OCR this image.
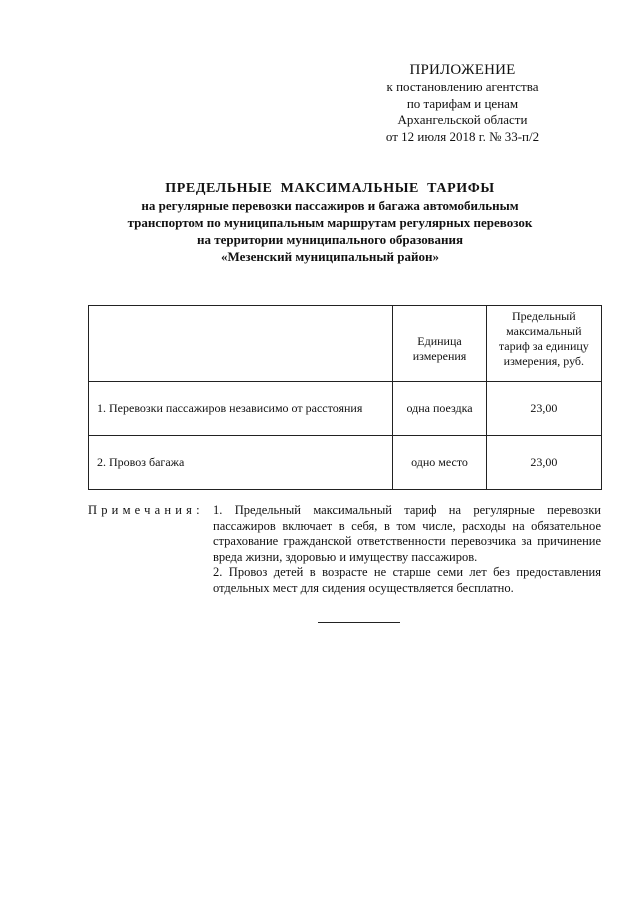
ПРИЛОЖЕНИЕ
к постановлению агентства
по тарифам и ценам
Архангельской области
от 12 июля 2018 г. № 33-п/2
ПРЕДЕЛЬНЫЕ  МАКСИМАЛЬНЫЕ  ТАРИФЫ
на регулярные перевозки пассажиров и багажа автомобильным
транспортом по муниципальным маршрутам регулярных перевозок
на территории муниципального образования
«Мезенский муниципальный район»
	Единица измерения	Предельный максимальный тариф за единицу измерения, руб.
1. Перевозки пассажиров независимо от расстояния	одна поездка	23,00
2. Провоз багажа	одно место	23,00
Примечания: 1. Предельный максимальный тариф на регулярные перевозки пассажиров включает в себя, в том числе, расходы на обязательное страхование гражданской ответственности перевозчика за причинение вреда жизни, здоровью и имуществу пассажиров.

2. Провоз детей в возрасте не старше семи лет без предоставления отдельных мест для сидения осуществляется бесплатно.
